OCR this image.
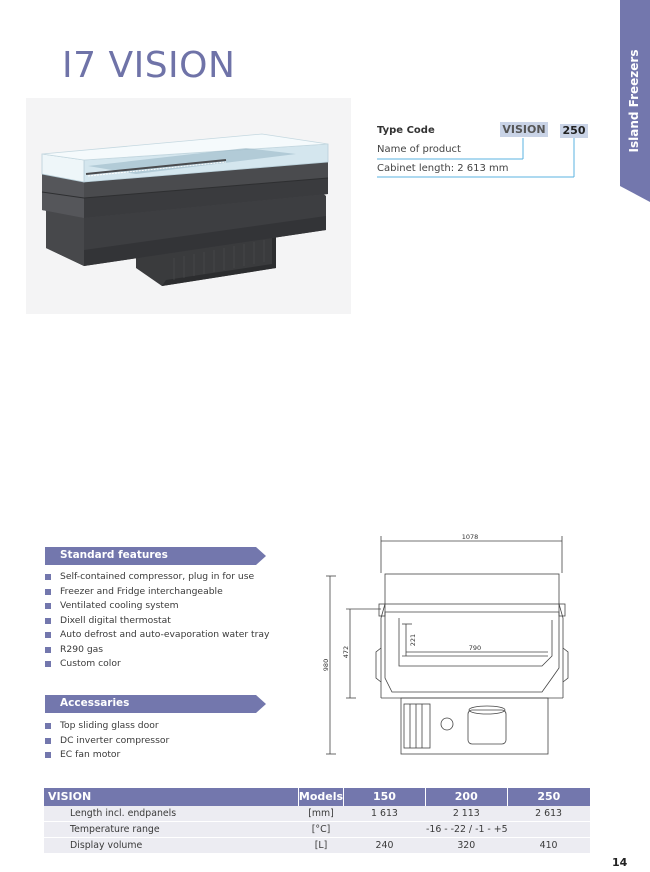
I7 VISION	Island Freezers
Type Code	VISION 250
Name of product
Cabinet length: 2 613 mm
Standard features
Self-contained compressor, plug in for use
Freezer and Fridge interchangeable
Ventilated cooling system
Dixell digital thermostat
Auto defrost and auto-evaporation water tray
R290 gas
Custom color
Accessaries
Top sliding glass door
DC inverter compressor
EC fan motor
1078
980
472
221
790
VISION	Models	150	200	250
Length incl. endpanels	[mm]	1 613	2 113	2 613
Temperature range	[°C]	-16 - -22 / -1 - +5		
Display volume	[L]	240	320	410
14
